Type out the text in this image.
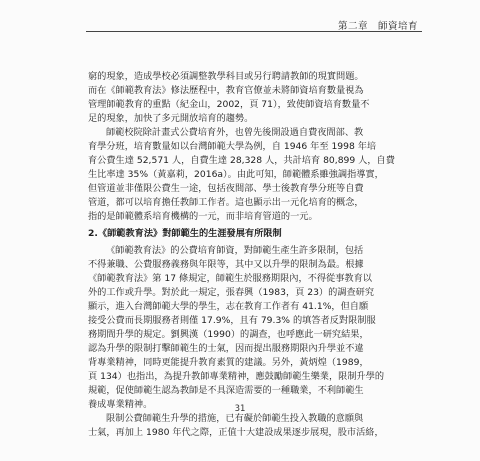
第二章　師資培育
窮的現象，造成學校必須調整教學科目或另行聘請教師的現實問題。
而在《師範教育法》修法歷程中，教育官僚並未將師資培育數量視為
管理師範教育的重點（紀金山，2002，頁 71），致使師資培育數量不
足的現象，加快了多元開放培育的趨勢。
師範校院除計畫式公費培育外，也曾先後開設過自費夜間部、教
育學分班，培育數量如以台灣師範大學為例，自 1946 年至 1998 年培
育公費生達 52,571 人，自費生達 28,328 人，共計培育 80,899 人，自費
生比率達 35%（黃嘉莉，2016a）。由此可知，師範體系雖強調指導實，
但管道並非僅限公費生一途，包括夜間部、學士後教育學分班等自費
管道，都可以培育擔任教師工作者。這也顯示出一元化培育的概念，
指的是師範體系培育機構的一元，而非培育管道的一元。
2.《師範教育法》對師範生的生涯發展有所限制
《師範教育法》的公費培育師資，對師範生產生許多限制，包括
不得兼職、公費服務義務與年限等，其中又以升學的限制為最。根據
《師範教育法》第 17 條規定，師範生於服務期限內，不得從事教育以
外的工作或升學。對於此一規定，張春興（1983，頁 23）的調查研究
顯示，進入台灣師範大學的學生，志在教育工作者有 41.1%，但自願
接受公費而長期服務者則僅 17.9%，且有 79.3% 的填答者反對限制服
務期間升學的規定。劉興漢（1990）的調查，也呼應此一研究結果，
認為升學的限制打擊師範生的士氣，因而提出服務期限內升學並不違
背專業精神，同時更能提升教育素質的建議。另外，黃炳煌（1989，
頁 134）也指出，為提升教師專業精神，應鼓勵師範生樂業，限制升學的
規範，促使師範生認為教師是不具深造需要的一種職業，不利師範生
養成專業精神。
限制公費師範生升學的措施，已有礙於師範生投入教職的意願與
士氣，再加上 1980 年代之際，正值十大建設成果逐步展現，股市活絡，
31
